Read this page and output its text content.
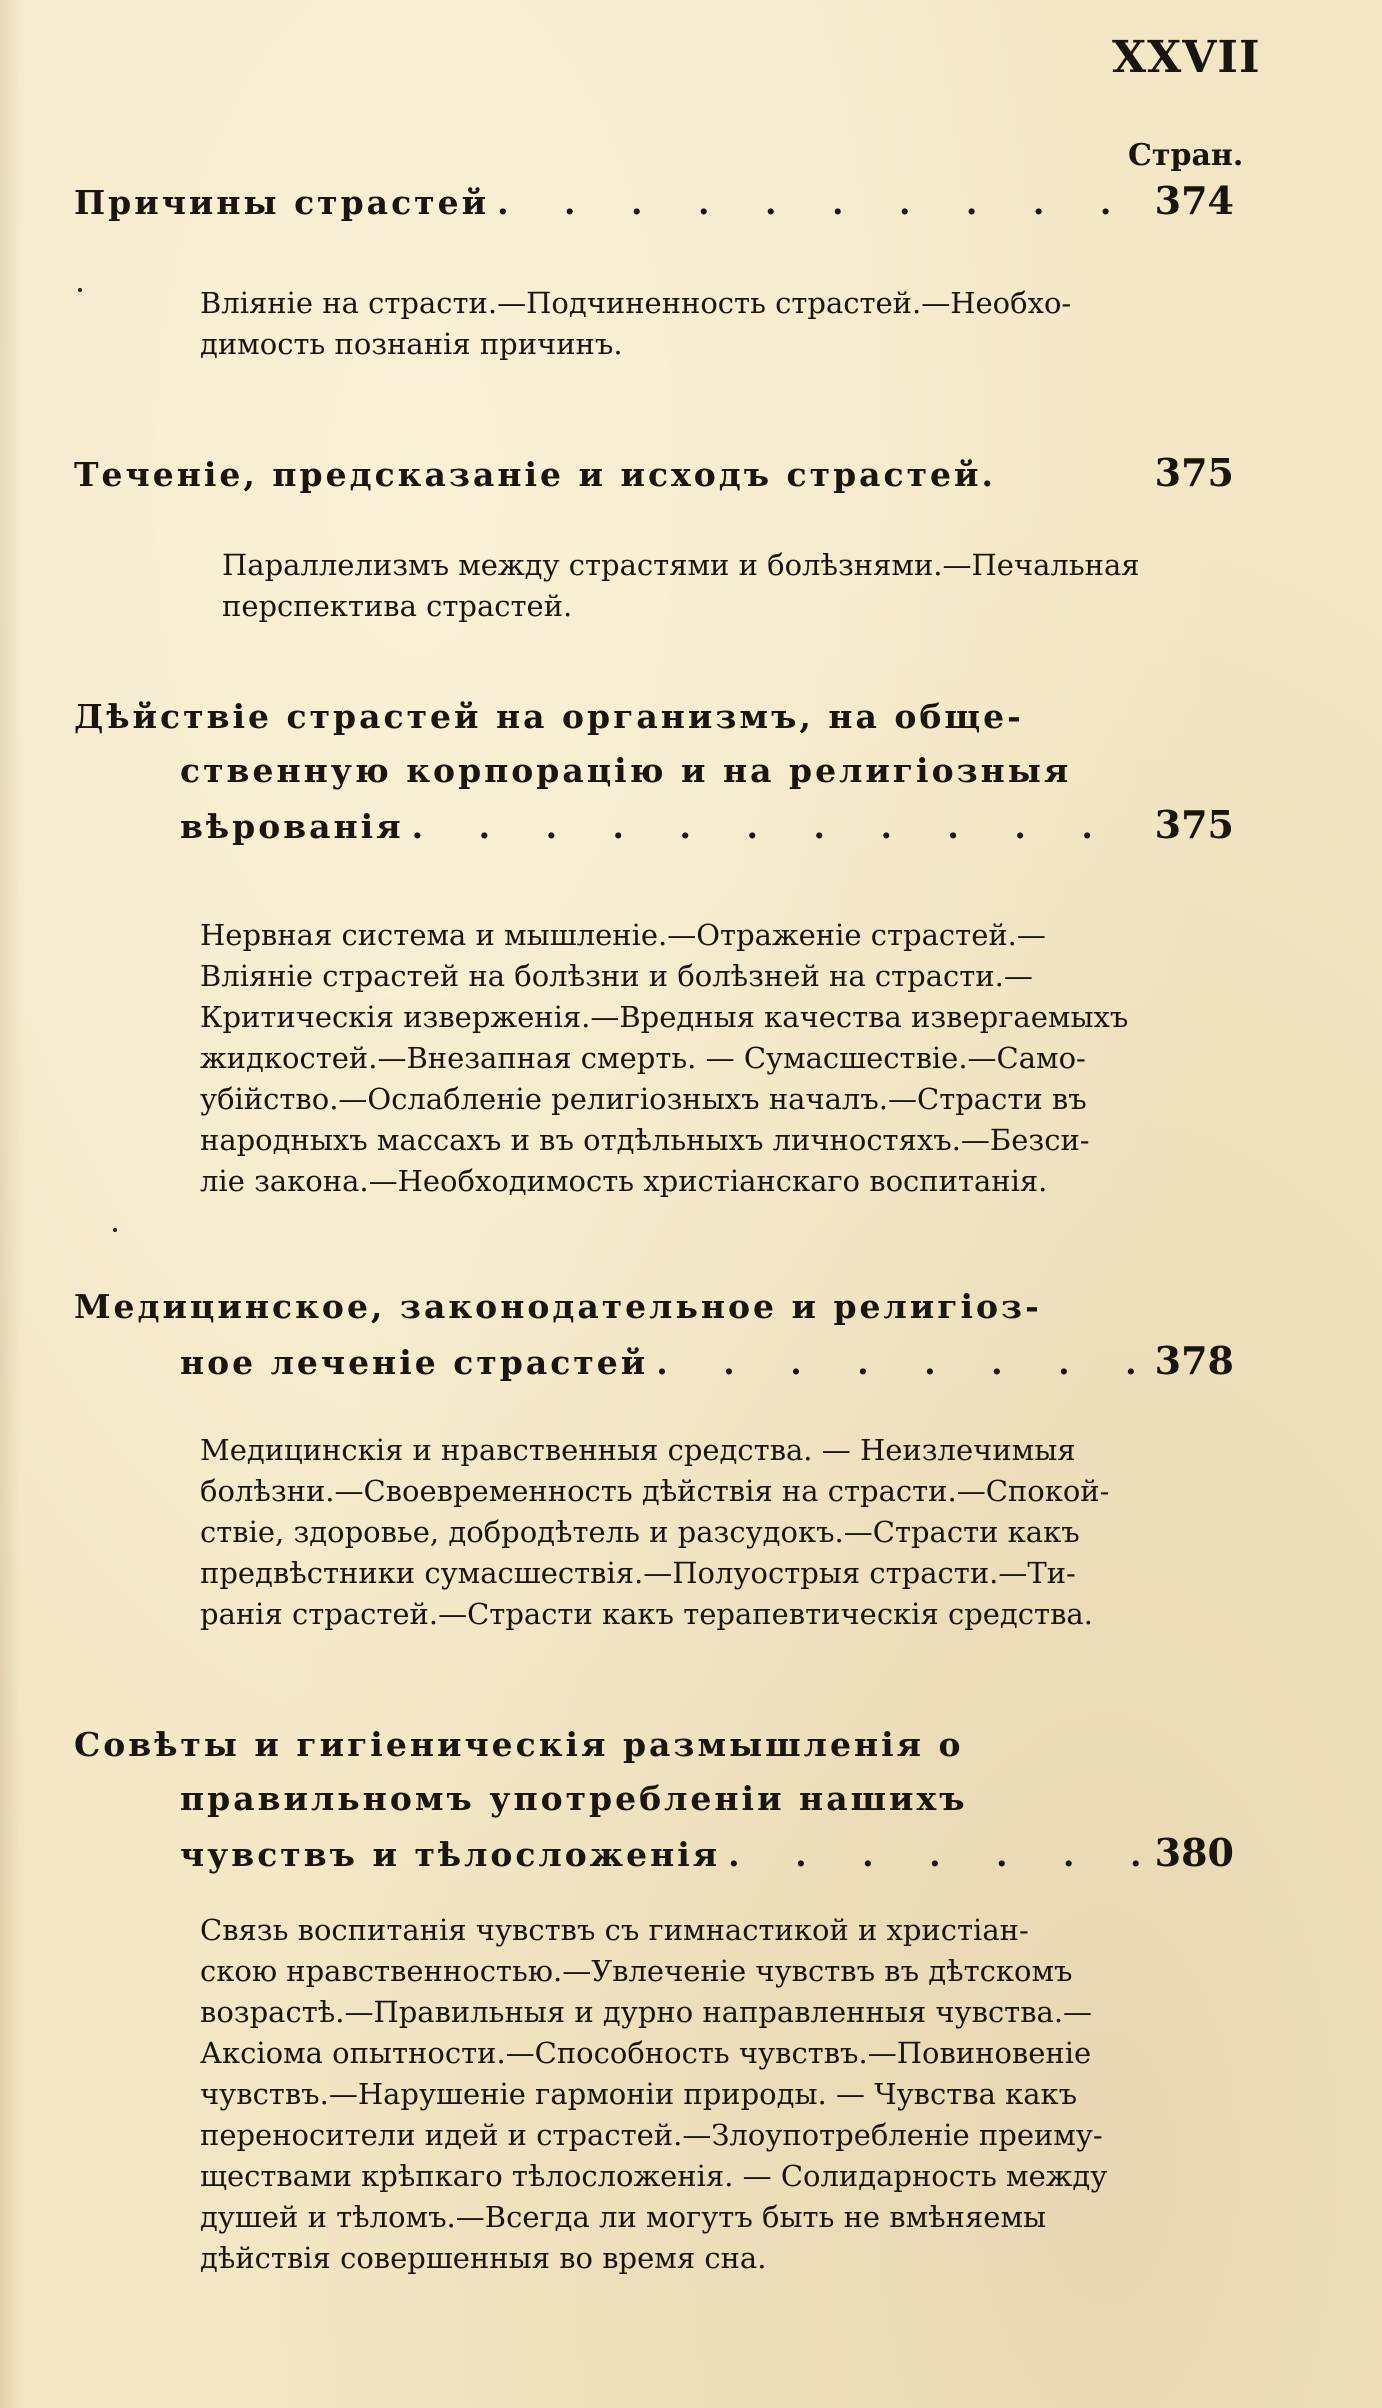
XXVII
Стран.
Причины страстей . . .	374
Вліяніе на страсти.—Подчиненность страстей.—Необхо-
димость познанія причинъ.
Теченіе, предсказаніе и исходъ страстей.	375
Параллелизмъ между страстями и болѣзнями.—Печальная
перспектива страстей.
Дѣйствіе страстей на организмъ, на обще-
ственную корпорацію и на религіозныя
вѣрованія . . .	375
Нервная система и мышленіе.—Отраженіе страстей.—
Вліяніе страстей на болѣзни и болѣзней на страсти.—
Критическія изверженія.—Вредныя качества извергаемыхъ
жидкостей.—Внезапная смерть. — Сумасшествіе.—Само-
убійство.—Ослабленіе религіозныхъ началъ.—Страсти въ
народныхъ массахъ и въ отдѣльныхъ личностяхъ.—Безси-
ліе закона.—Необходимость христіанскаго воспитанія.
Медицинское, законодательное и религіоз-
ное леченіе страстей . . .	378
Медицинскія и нравственныя средства. — Неизлечимыя
болѣзни.—Своевременность дѣйствія на страсти.—Спокой-
ствіе, здоровье, добродѣтель и разсудокъ.—Страсти какъ
предвѣстники сумасшествія.—Полуострыя страсти.—Ти-
ранія страстей.—Страсти какъ терапевтическія средства.
Совѣты и гигіеническія размышленія о
правильномъ употребленіи нашихъ
чувствъ и тѣлосложенія . . .	380
Связь воспитанія чувствъ съ гимнастикой и христіан-
скою нравственностью.—Увлеченіе чувствъ въ дѣтскомъ
возрастѣ.—Правильныя и дурно направленныя чувства.—
Аксіома опытности.—Способность чувствъ.—Повиновеніе
чувствъ.—Нарушеніе гармоніи природы. — Чувства какъ
переносители идей и страстей.—Злоупотребленіе преиму-
ществами крѣпкаго тѣлосложенія. — Солидарность между
душей и тѣломъ.—Всегда ли могутъ быть не вмѣняемы
дѣйствія совершенныя во время сна.
